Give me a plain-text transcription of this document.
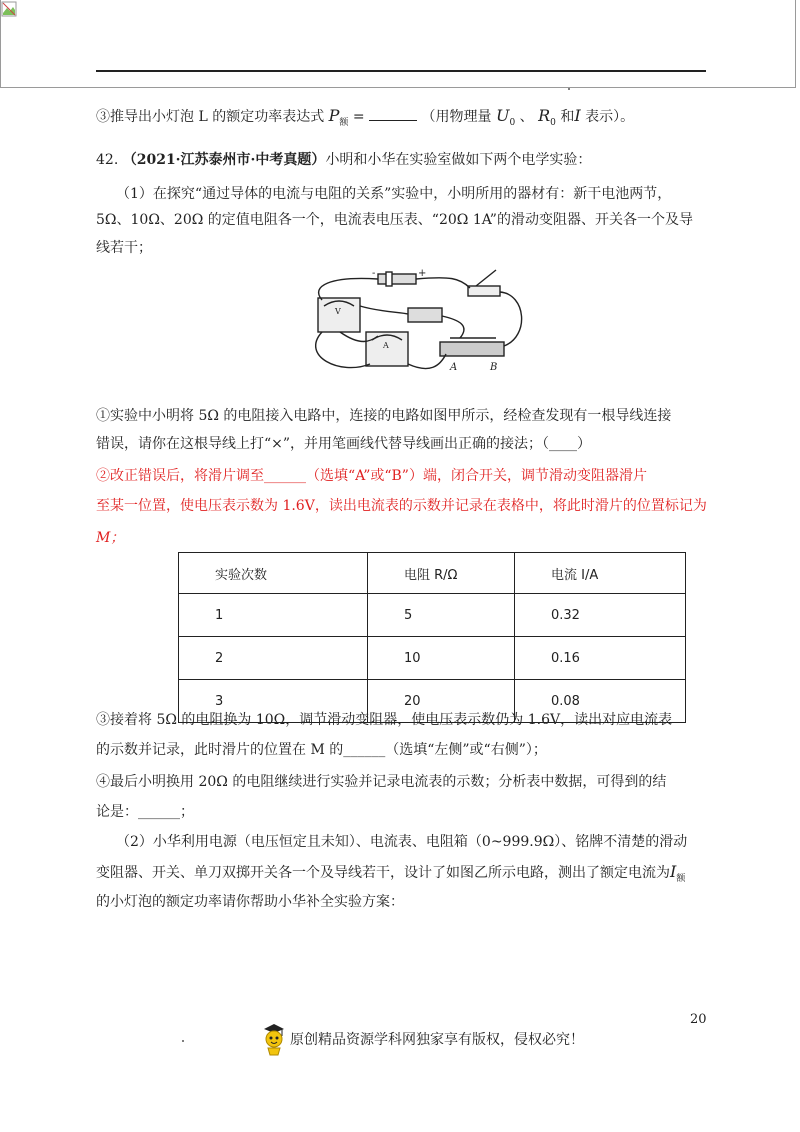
③推导出小灯泡 L 的额定功率表达式 $P_额$ =	（用物理量 $U_0$ 、 $R_0$ 和I 表示）。
42. （2021·江苏泰州市·中考真题）小明和小华在实验室做如下两个电学实验：
（1）在探究“通过导体的电流与电阻的关系”实验中，小明所用的器材有：新干电池两节，
5Ω、10Ω、20Ω 的定值电阻各一个，电流表电压表、“20Ω 1A”的滑动变阻器、开关各一个及导
线若干；
-	+
V
A
A	B
①实验中小明将 5Ω 的电阻接入电路中，连接的电路如图甲所示，经检查发现有一根导线连接
错误，请你在这根导线上打“×”，并用笔画线代替导线画出正确的接法；（____）
②改正错误后，将滑片调至______（选填“A”或“B”）端，闭合开关，调节滑动变阻器滑片
至某一位置，使电压表示数为 1.6V，读出电流表的示数并记录在表格中，将此时滑片的位置标记为
M；
实验次数	电阻 R/Ω	电流 I/A
1	5	0.32
2	10	0.16
3	20	0.08
③接着将 5Ω 的电阻换为 10Ω，调节滑动变阻器，使电压表示数仍为 1.6V，读出对应电流表
的示数并记录，此时滑片的位置在 M 的______（选填“左侧”或“右侧”）；
④最后小明换用 20Ω 的电阻继续进行实验并记录电流表的示数；分析表中数据，可得到的结
论是：______；
（2）小华利用电源（电压恒定且未知）、电流表、电阻箱（0~999.9Ω）、铭牌不清楚的滑动
变阻器、开关、单刀双掷开关各一个及导线若干，设计了如图乙所示电路，测出了额定电流为$I_额$
的小灯泡的额定功率请你帮助小华补全实验方案：
20
原创精品资源学科网独家享有版权，侵权必究！
